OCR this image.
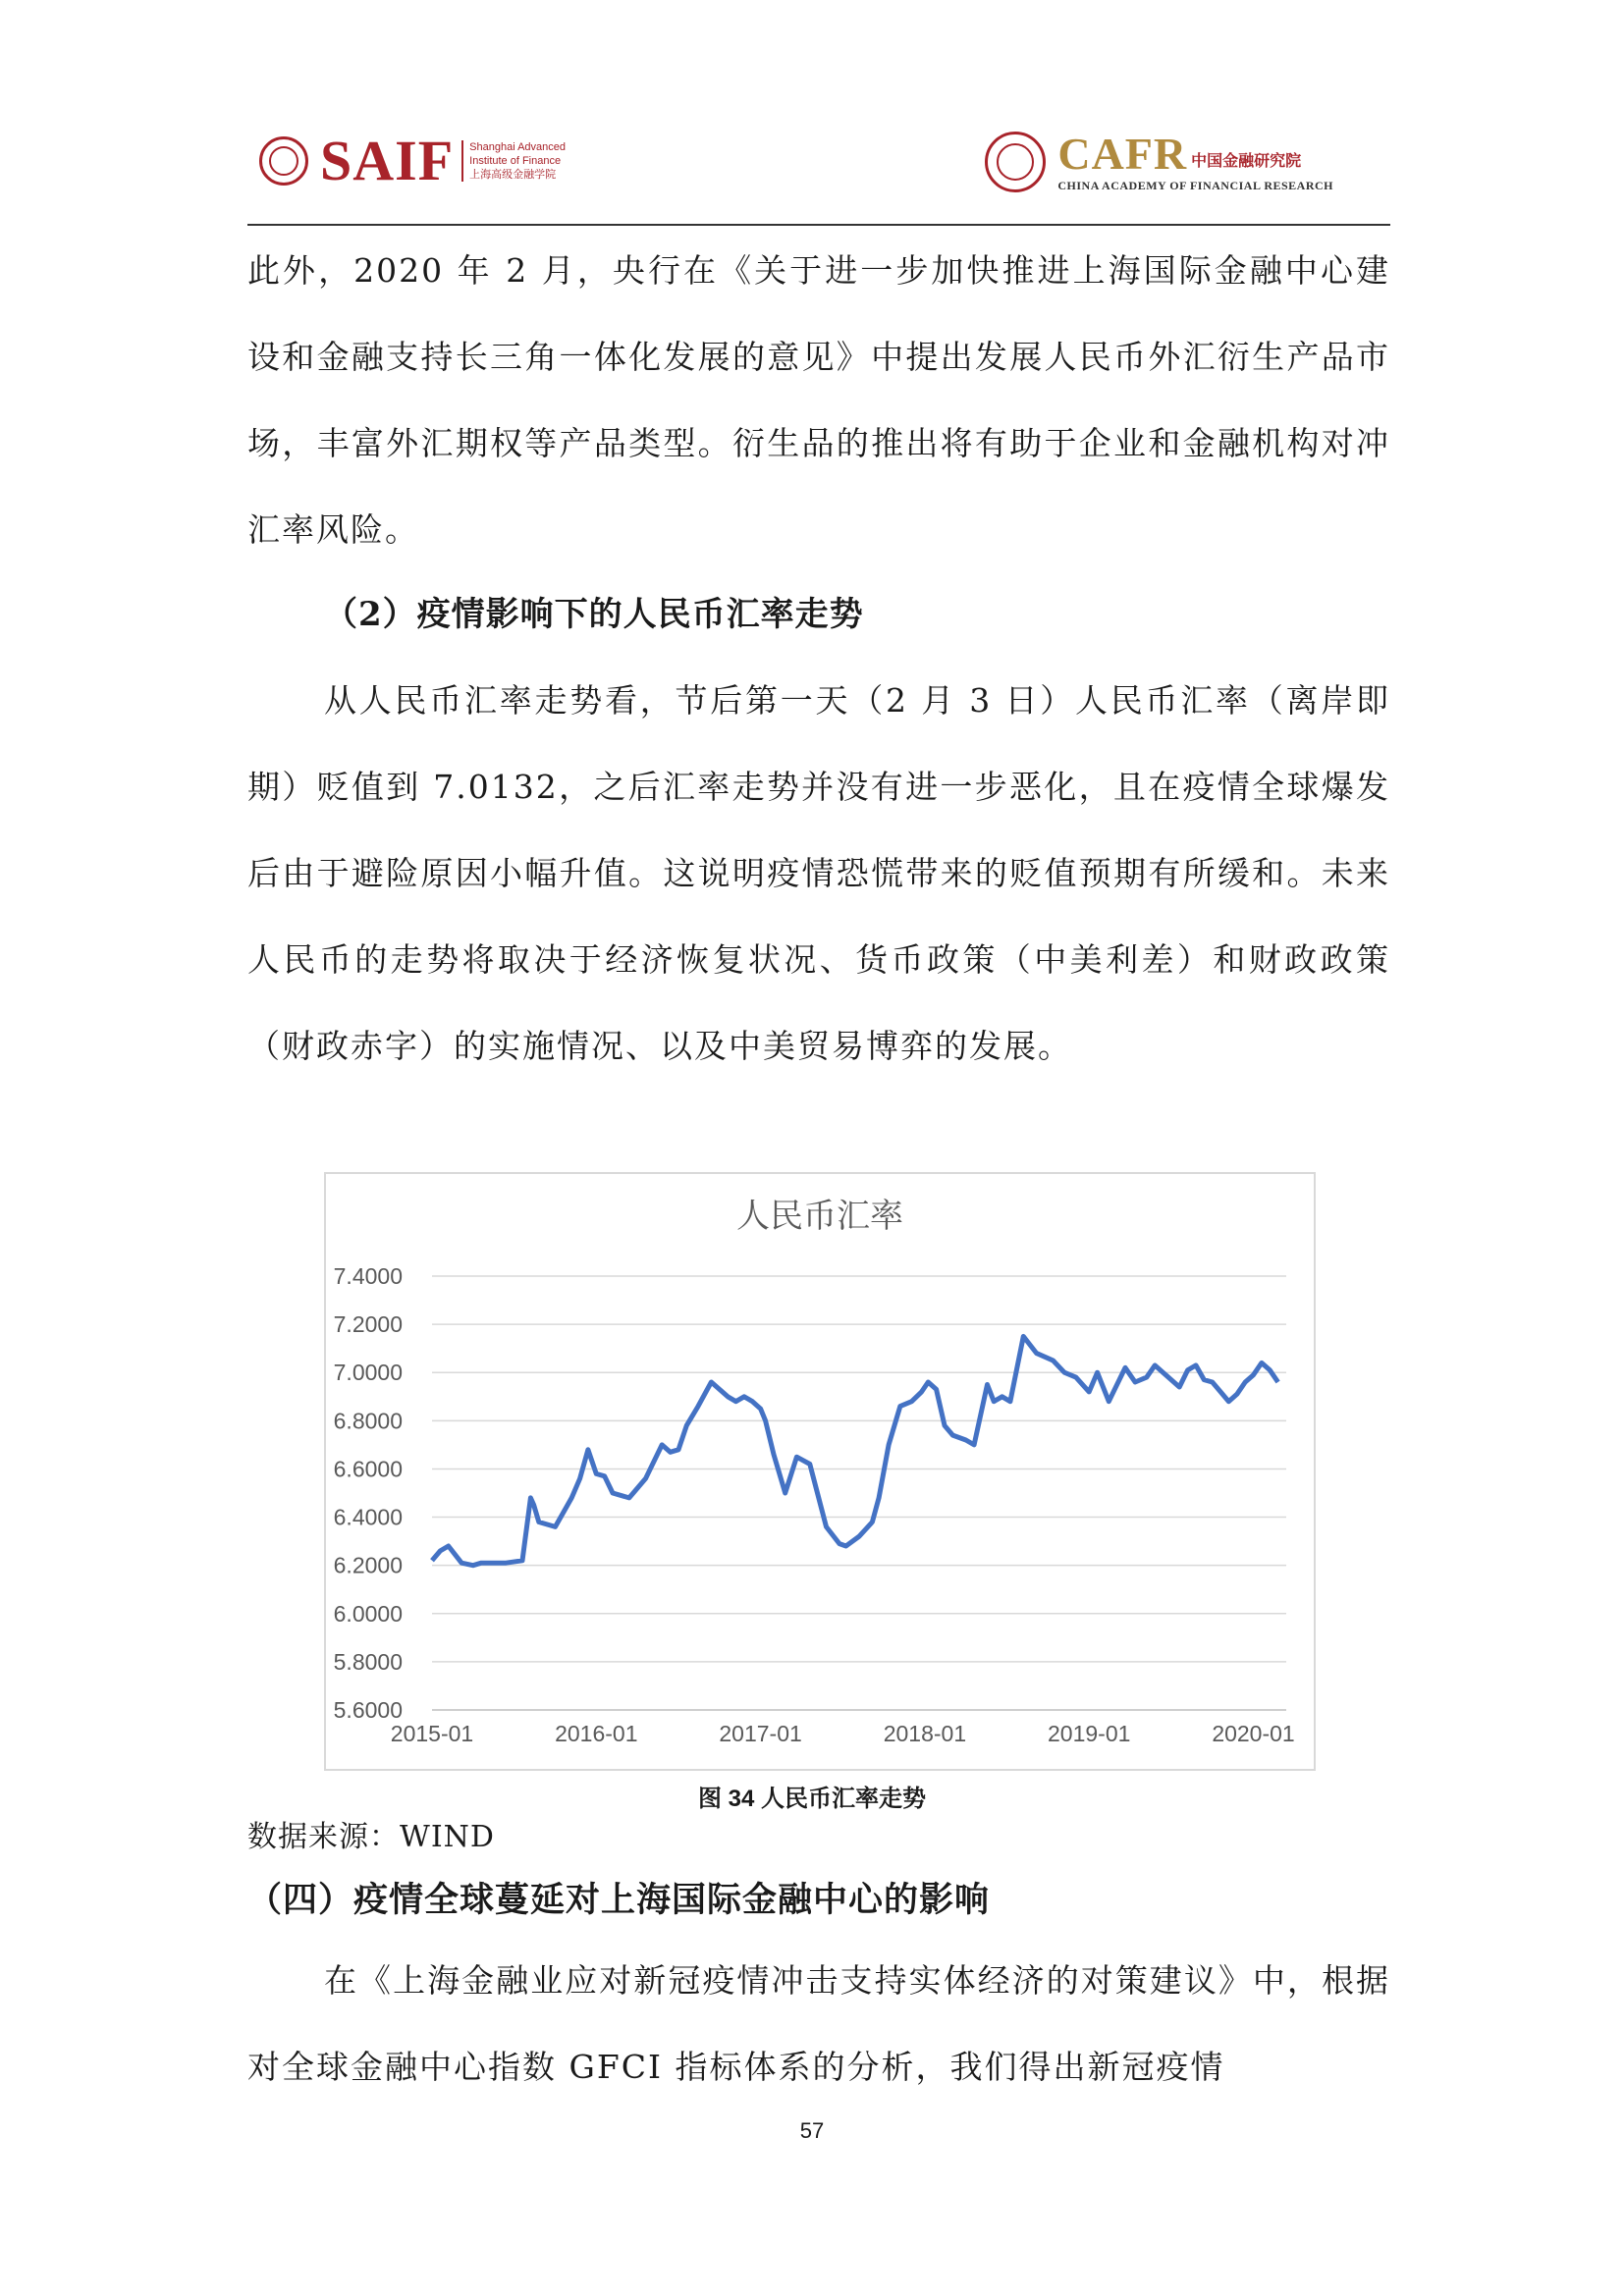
SAIF Shanghai Advanced
Institute of Finance
上海高级金融学院	CAFR 中国金融研究院
CHINA ACADEMY OF FINANCIAL RESEARCH

此外，2020 年 2 月，央行在《关于进一步加快推进上海国际金融中心建设和金融支持长三角一体化发展的意见》中提出发展人民币外汇衍生产品市场，丰富外汇期权等产品类型。衍生品的推出将有助于企业和金融机构对冲汇率风险。

（2）疫情影响下的人民币汇率走势

从人民币汇率走势看，节后第一天（2 月 3 日）人民币汇率（离岸即期）贬值到 7.0132，之后汇率走势并没有进一步恶化，且在疫情全球爆发后由于避险原因小幅升值。这说明疫情恐慌带来的贬值预期有所缓和。未来人民币的走势将取决于经济恢复状况、货币政策（中美利差）和财政政策（财政赤字）的实施情况、以及中美贸易博弈的发展。

人民币汇率
7.4000
7.2000
7.0000
6.8000
6.6000
6.4000
6.2000
6.0000
5.8000
5.6000
2015-01	2016-01	2017-01	2018-01	2019-01	2020-01
图 34 人民币汇率走势
数据来源：WIND
（四）疫情全球蔓延对上海国际金融中心的影响

在《上海金融业应对新冠疫情冲击支持实体经济的对策建议》中，根据对全球金融中心指数 GFCI 指标体系的分析，我们得出新冠疫情

57
